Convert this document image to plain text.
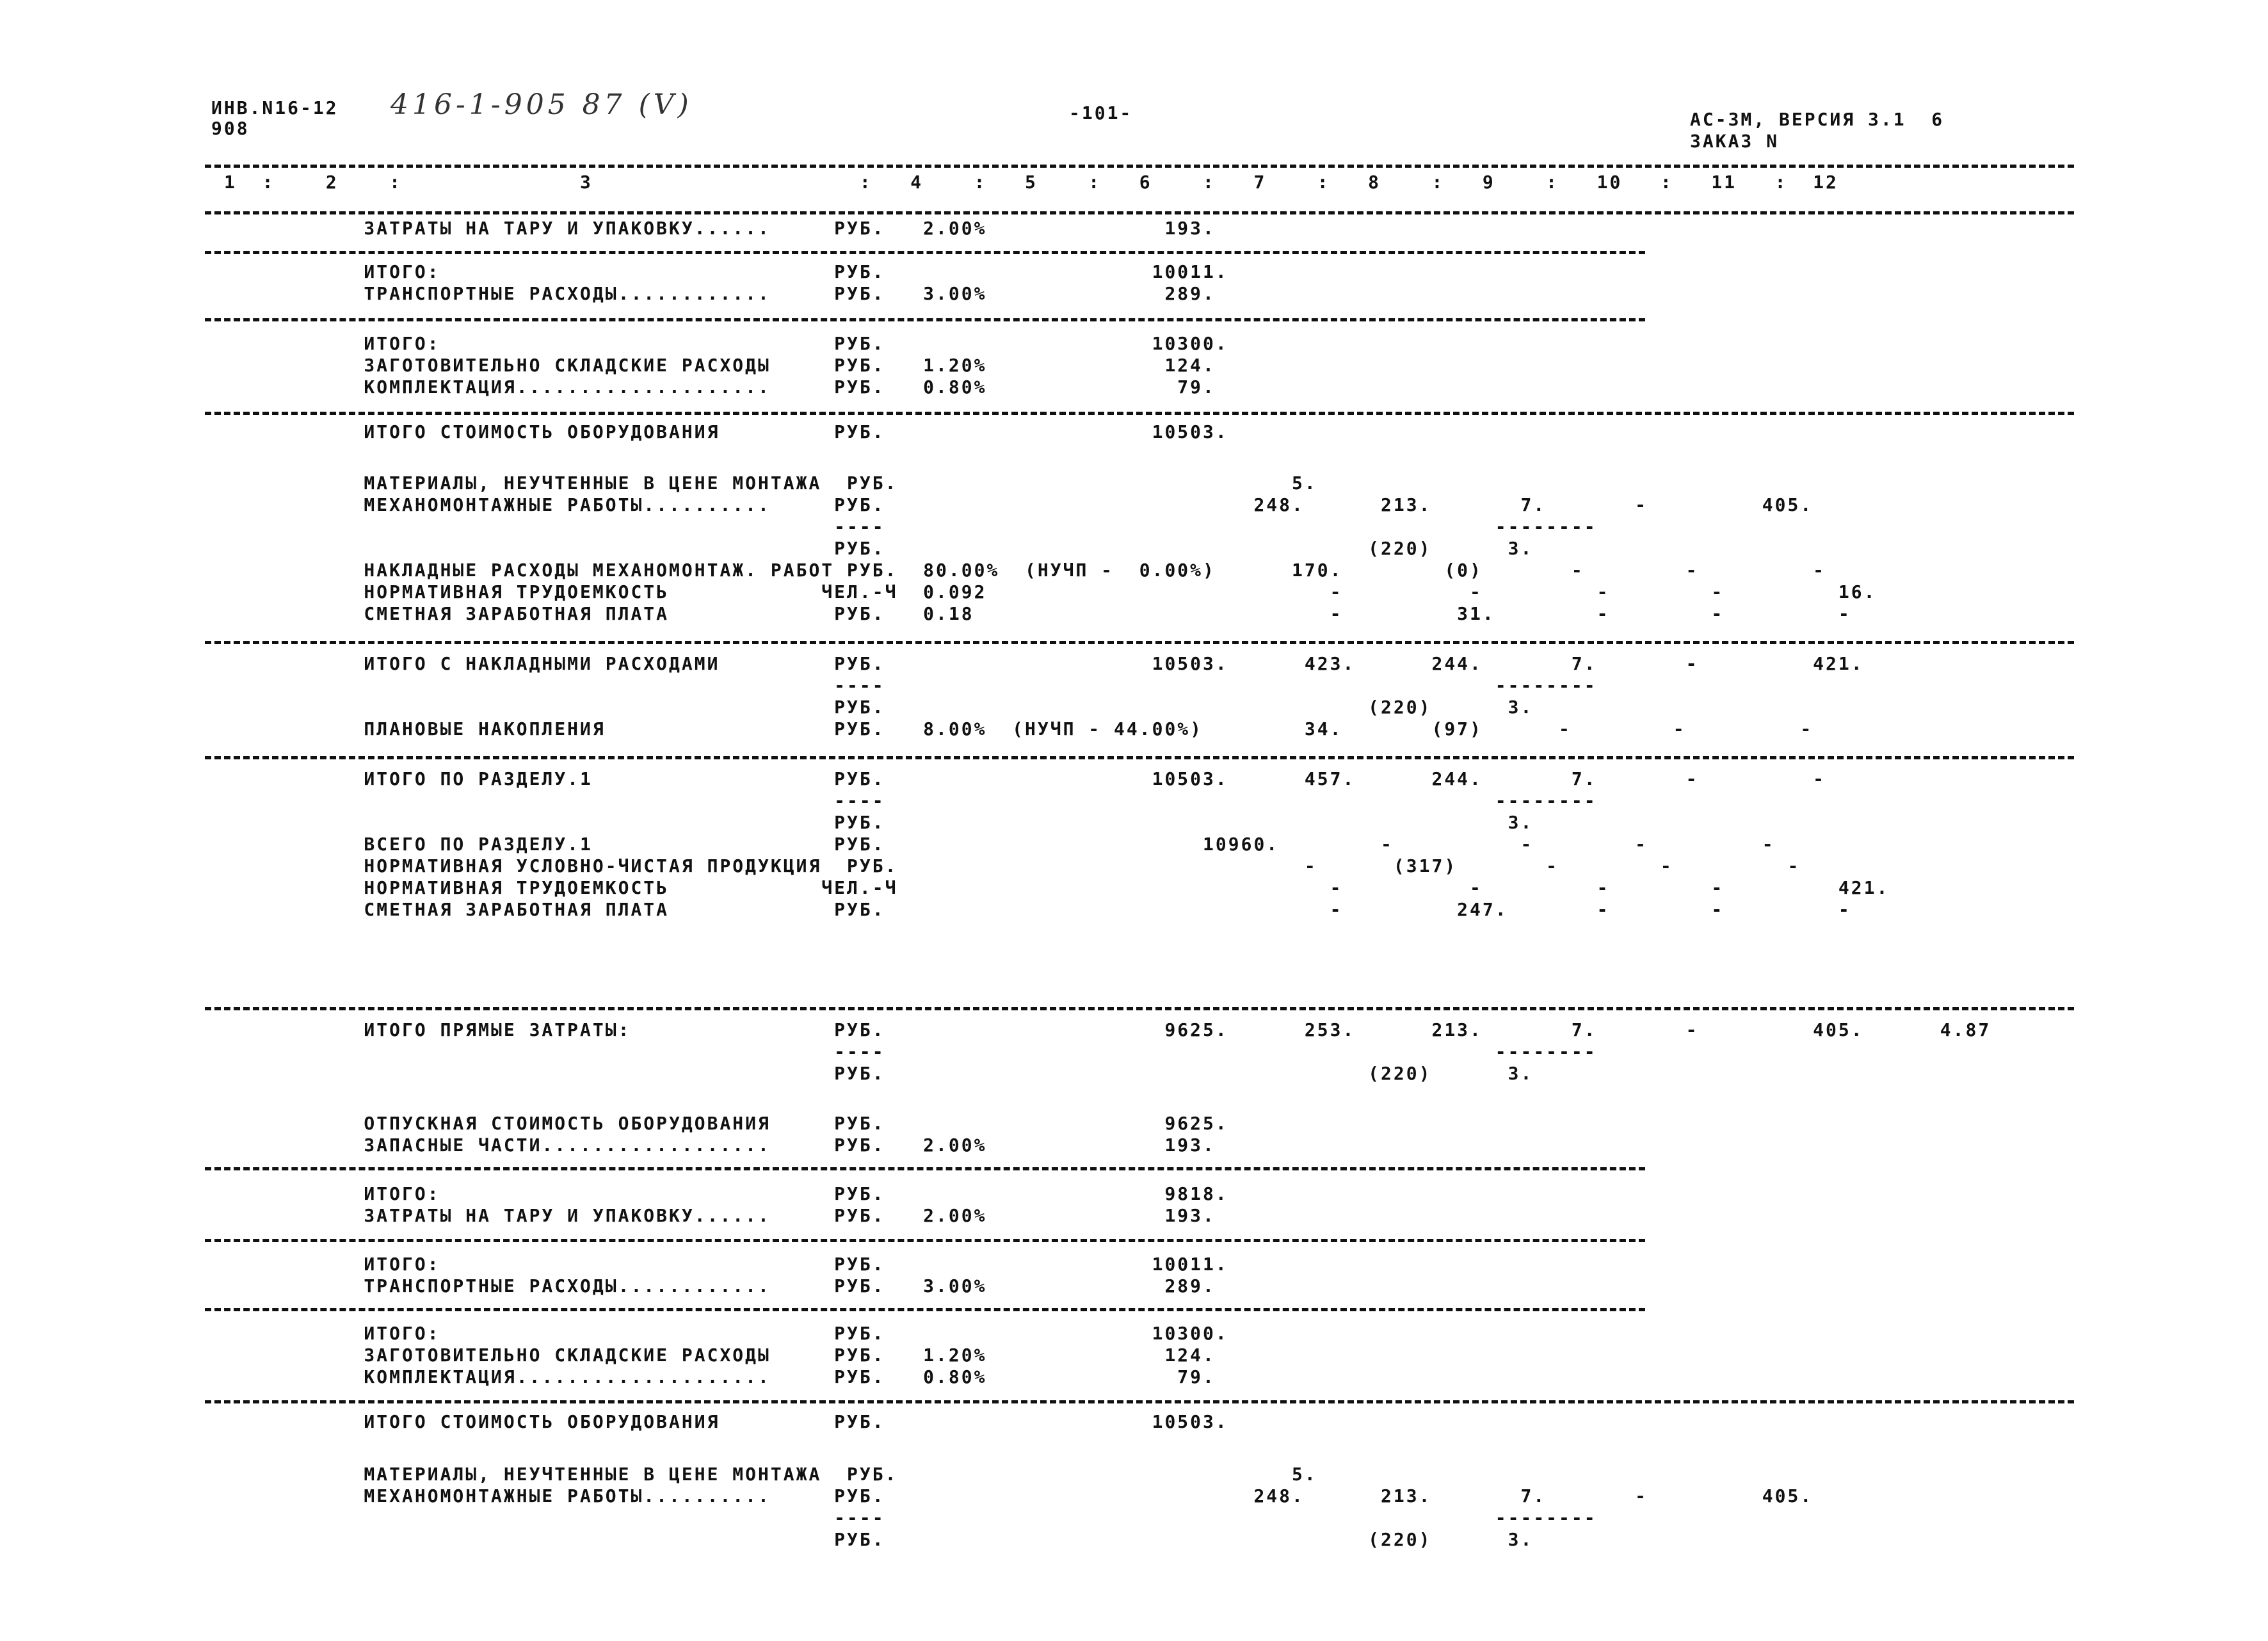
ИНВ.N16-12
908
416-1-905 87 (V)	-101-	АС-3М, ВЕРСИЯ 3.1  6
ЗАКАЗ N
1  :    2    :              3                     :   4    :   5    :   6    :   7    :   8    :   9    :   10   :   11   :  12
ЗАТРАТЫ НА ТАРУ И УПАКОВКУ......     РУБ.   2.00%              193.
ИТОГО:                               РУБ.                     10011.
ТРАНСПОРТНЫЕ РАСХОДЫ............     РУБ.   3.00%              289.
ИТОГО:                               РУБ.                     10300.
ЗАГОТОВИТЕЛЬНО СКЛАДСКИЕ РАСХОДЫ     РУБ.   1.20%              124.
КОМПЛЕКТАЦИЯ....................     РУБ.   0.80%               79.
ИТОГО СТОИМОСТЬ ОБОРУДОВАНИЯ         РУБ.                     10503.
МАТЕРИАЛЫ, НЕУЧТЕННЫЕ В ЦЕНЕ МОНТАЖА  РУБ.                               5.
МЕХАНОМОНТАЖНЫЕ РАБОТЫ..........     РУБ.                             248.      213.       7.       -         405.
----                                                --------
РУБ.                                      (220)      3.
НАКЛАДНЫЕ РАСХОДЫ МЕХАНОМОНТАЖ. РАБОТ РУБ.  80.00%  (НУЧП -  0.00%)      170.        (0)       -        -         -
НОРМАТИВНАЯ ТРУДОЕМКОСТЬ            ЧЕЛ.-Ч  0.092                           -          -         -        -         16.
СМЕТНАЯ ЗАРАБОТНАЯ ПЛАТА             РУБ.   0.18                            -         31.        -        -         -
ИТОГО С НАКЛАДНЫМИ РАСХОДАМИ         РУБ.                     10503.      423.      244.       7.       -         421.
----                                                --------
РУБ.                                      (220)      3.
ПЛАНОВЫЕ НАКОПЛЕНИЯ                  РУБ.   8.00%  (НУЧП - 44.00%)        34.       (97)      -        -         -
ИТОГО ПО РАЗДЕЛУ.1                   РУБ.                     10503.      457.      244.       7.       -         -
----                                                --------
РУБ.                                                 3.
ВСЕГО ПО РАЗДЕЛУ.1                   РУБ.                         10960.        -          -        -         -
НОРМАТИВНАЯ УСЛОВНО-ЧИСТАЯ ПРОДУКЦИЯ  РУБ.                                -      (317)       -        -         -
НОРМАТИВНАЯ ТРУДОЕМКОСТЬ            ЧЕЛ.-Ч                                  -          -         -        -         421.
СМЕТНАЯ ЗАРАБОТНАЯ ПЛАТА             РУБ.                                   -         247.       -        -         -
ИТОГО ПРЯМЫЕ ЗАТРАТЫ:                РУБ.                      9625.      253.      213.       7.       -         405.      4.87
----                                                --------
РУБ.                                      (220)      3.
ОТПУСКНАЯ СТОИМОСТЬ ОБОРУДОВАНИЯ     РУБ.                      9625.
ЗАПАСНЫЕ ЧАСТИ..................     РУБ.   2.00%              193.
ИТОГО:                               РУБ.                      9818.
ЗАТРАТЫ НА ТАРУ И УПАКОВКУ......     РУБ.   2.00%              193.
ИТОГО:                               РУБ.                     10011.
ТРАНСПОРТНЫЕ РАСХОДЫ............     РУБ.   3.00%              289.
ИТОГО:                               РУБ.                     10300.
ЗАГОТОВИТЕЛЬНО СКЛАДСКИЕ РАСХОДЫ     РУБ.   1.20%              124.
КОМПЛЕКТАЦИЯ....................     РУБ.   0.80%               79.
ИТОГО СТОИМОСТЬ ОБОРУДОВАНИЯ         РУБ.                     10503.
МАТЕРИАЛЫ, НЕУЧТЕННЫЕ В ЦЕНЕ МОНТАЖА  РУБ.                               5.
МЕХАНОМОНТАЖНЫЕ РАБОТЫ..........     РУБ.                             248.      213.       7.       -         405.
----                                                --------
РУБ.                                      (220)      3.
